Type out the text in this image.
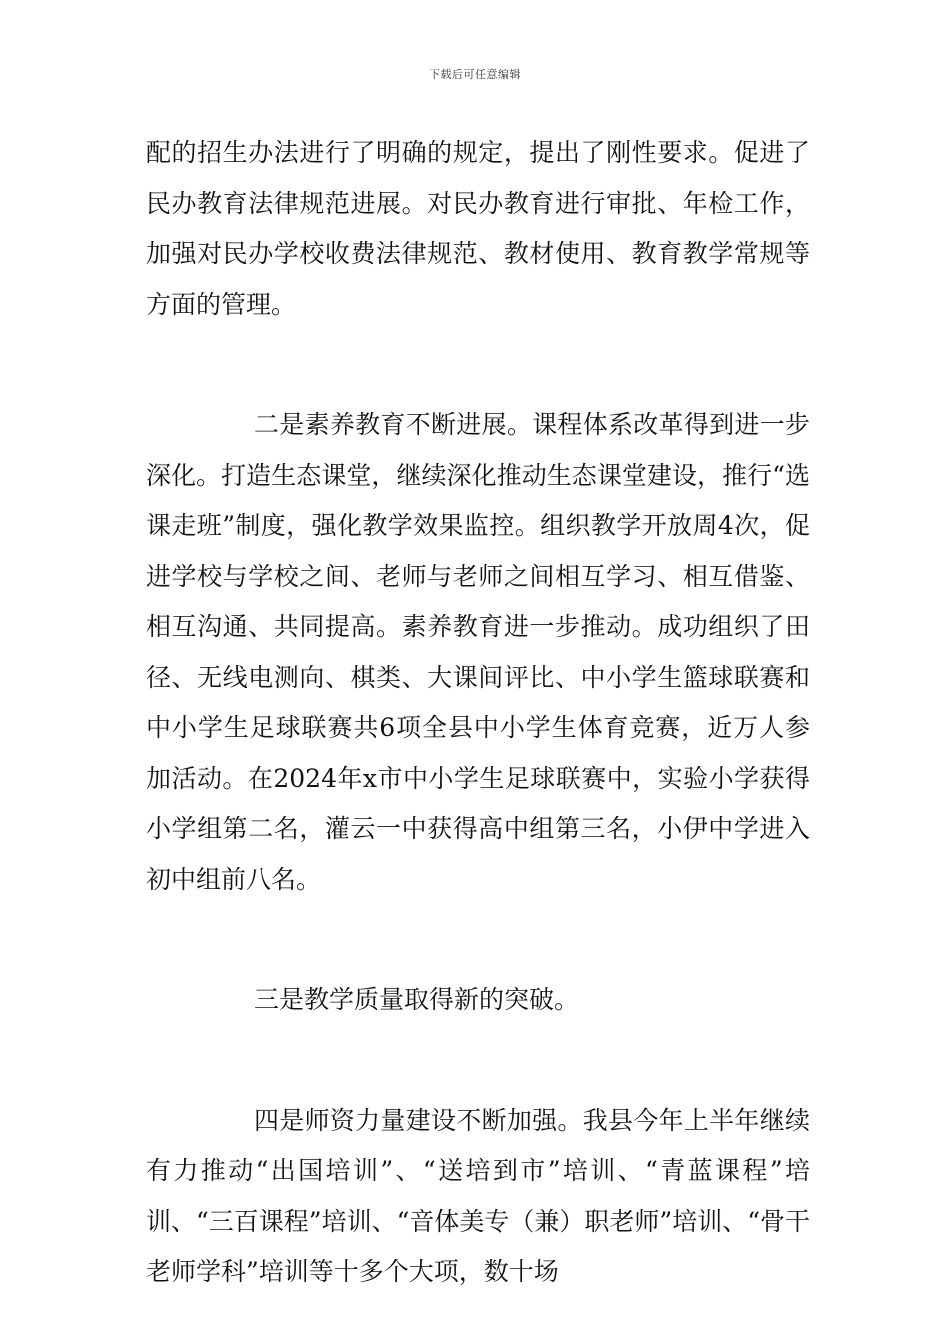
下载后可任意编辑

配的招生办法进行了明确的规定，提出了刚性要求。促进了民办教育法律规范进展。对民办教育进行审批、年检工作，加强对民办学校收费法律规范、教材使用、教育教学常规等方面的管理。

二是素养教育不断进展。课程体系改革得到进一步深化。打造生态课堂，继续深化推动生态课堂建设，推行“选课走班”制度，强化教学效果监控。组织教学开放周4次，促进学校与学校之间、老师与老师之间相互学习、相互借鉴、相互沟通、共同提高。素养教育进一步推动。成功组织了田径、无线电测向、棋类、大课间评比、中小学生篮球联赛和中小学生足球联赛共6项全县中小学生体育竞赛，近万人参加活动。在2024年x市中小学生足球联赛中，实验小学获得小学组第二名，灌云一中获得高中组第三名，小伊中学进入初中组前八名。

三是教学质量取得新的突破。

四是师资力量建设不断加强。我县今年上半年继续有力推动“出国培训”、“送培到市”培训、“青蓝课程”培训、“三百课程”培训、“音体美专（兼）职老师”培训、“骨干老师学科”培训等十多个大项，数十场
